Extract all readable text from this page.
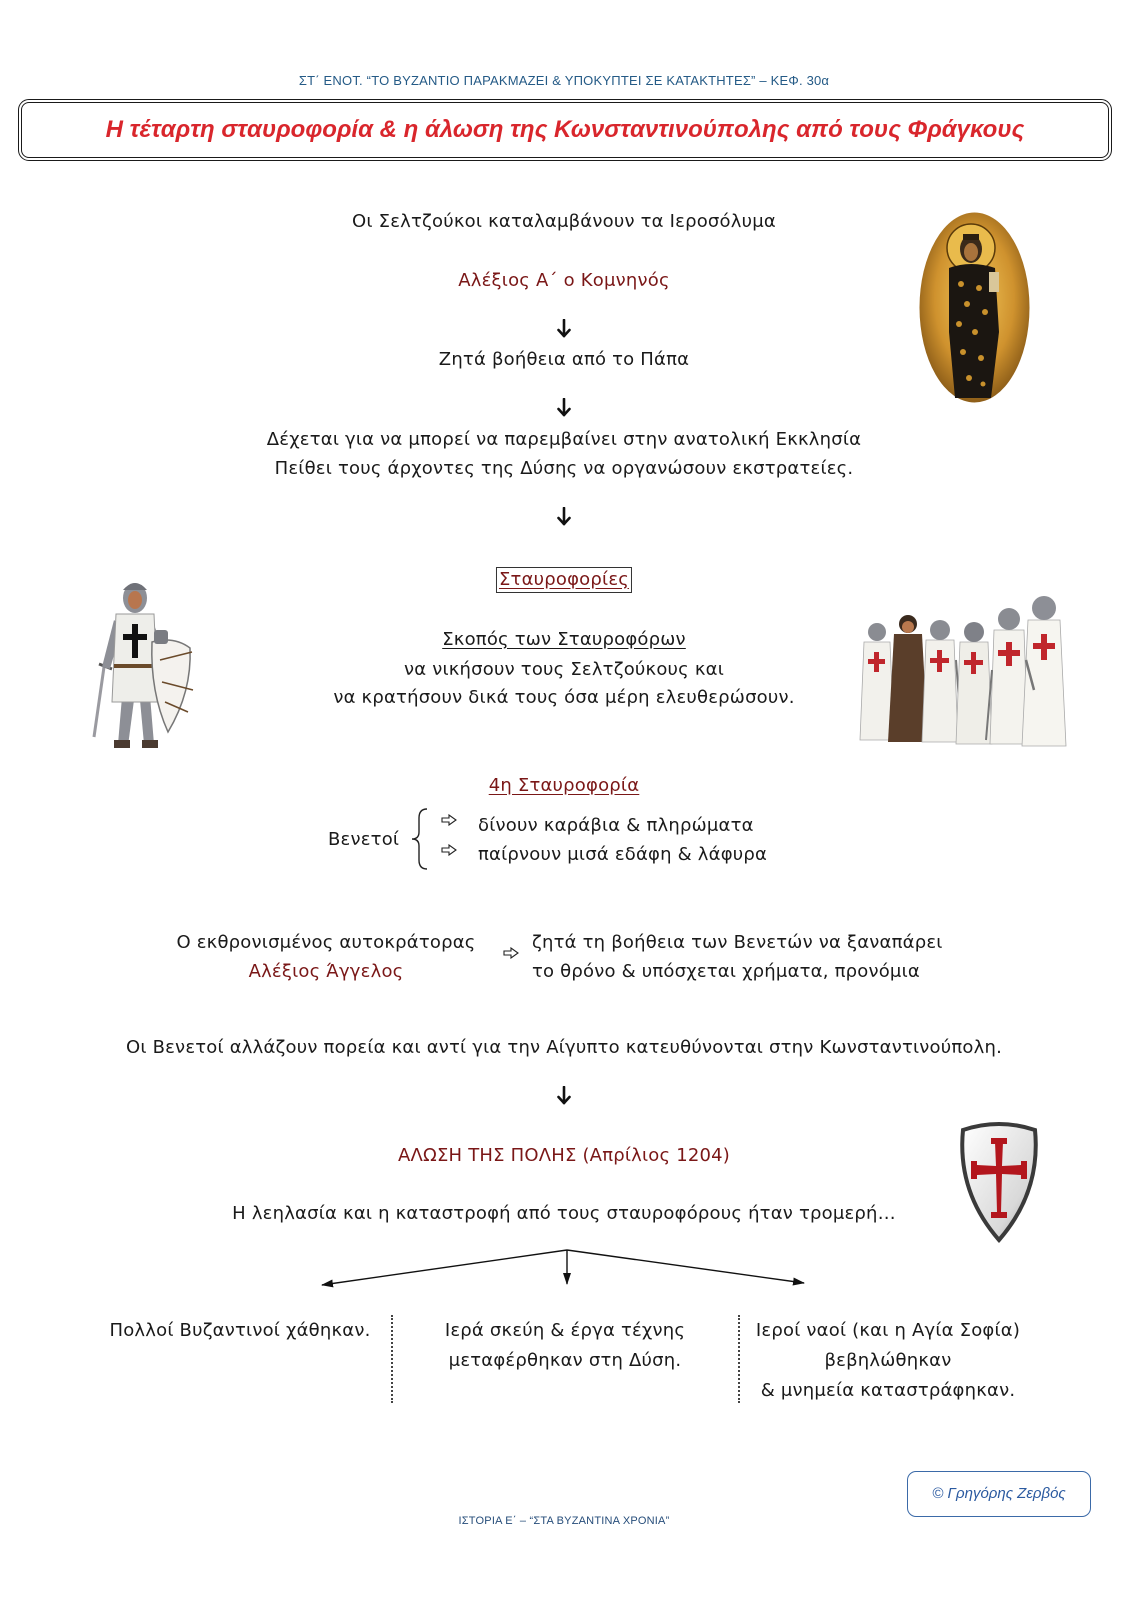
ΣΤ΄ ΕΝΟΤ. “ΤΟ ΒΥΖΑΝΤΙΟ ΠΑΡΑΚΜΑΖΕΙ & ΥΠΟΚΥΠΤΕΙ ΣΕ ΚΑΤΑΚΤΗΤΕΣ” – ΚΕΦ. 30α
Η τέταρτη σταυροφορία & η άλωση της Κωνσταντινούπολης από τους Φράγκους
Οι Σελτζούκοι καταλαμβάνουν τα Ιεροσόλυμα
Αλέξιος Α΄ ο Κομνηνός
Ζητά βοήθεια από το Πάπα
Δέχεται για να μπορεί να παρεμβαίνει στην ανατολική Εκκλησία
Πείθει τους άρχοντες της Δύσης να οργανώσουν εκστρατείες.
Σταυροφορίες
Σκοπός των Σταυροφόρων
να νικήσουν τους Σελτζούκους και
να κρατήσουν δικά τους όσα μέρη ελευθερώσουν.
4η Σταυροφορία
Βενετοί
δίνουν καράβια & πληρώματα
παίρνουν μισά εδάφη & λάφυρα
Ο εκθρονισμένος αυτοκράτορας
Αλέξιος Άγγελος
ζητά τη βοήθεια των Βενετών να ξαναπάρει
το θρόνο & υπόσχεται χρήματα, προνόμια
Οι Βενετοί αλλάζουν πορεία και αντί για την Αίγυπτο κατευθύνονται στην Κωνσταντινούπολη.
ΑΛΩΣΗ ΤΗΣ ΠΟΛΗΣ (Απρίλιος 1204)
Η λεηλασία και η καταστροφή από τους σταυροφόρους ήταν τρομερή…
Πολλοί Βυζαντινοί χάθηκαν.	Ιερά σκεύη & έργα τέχνης
μεταφέρθηκαν στη Δύση.
Ιεροί ναοί (και η Αγία Σοφία)
βεβηλώθηκαν
& μνημεία καταστράφηκαν.
© Γρηγόρης Ζερβός
ΙΣΤΟΡΙΑ Ε΄ – “ΣΤΑ ΒΥΖΑΝΤΙΝΑ ΧΡΟΝΙΑ”
